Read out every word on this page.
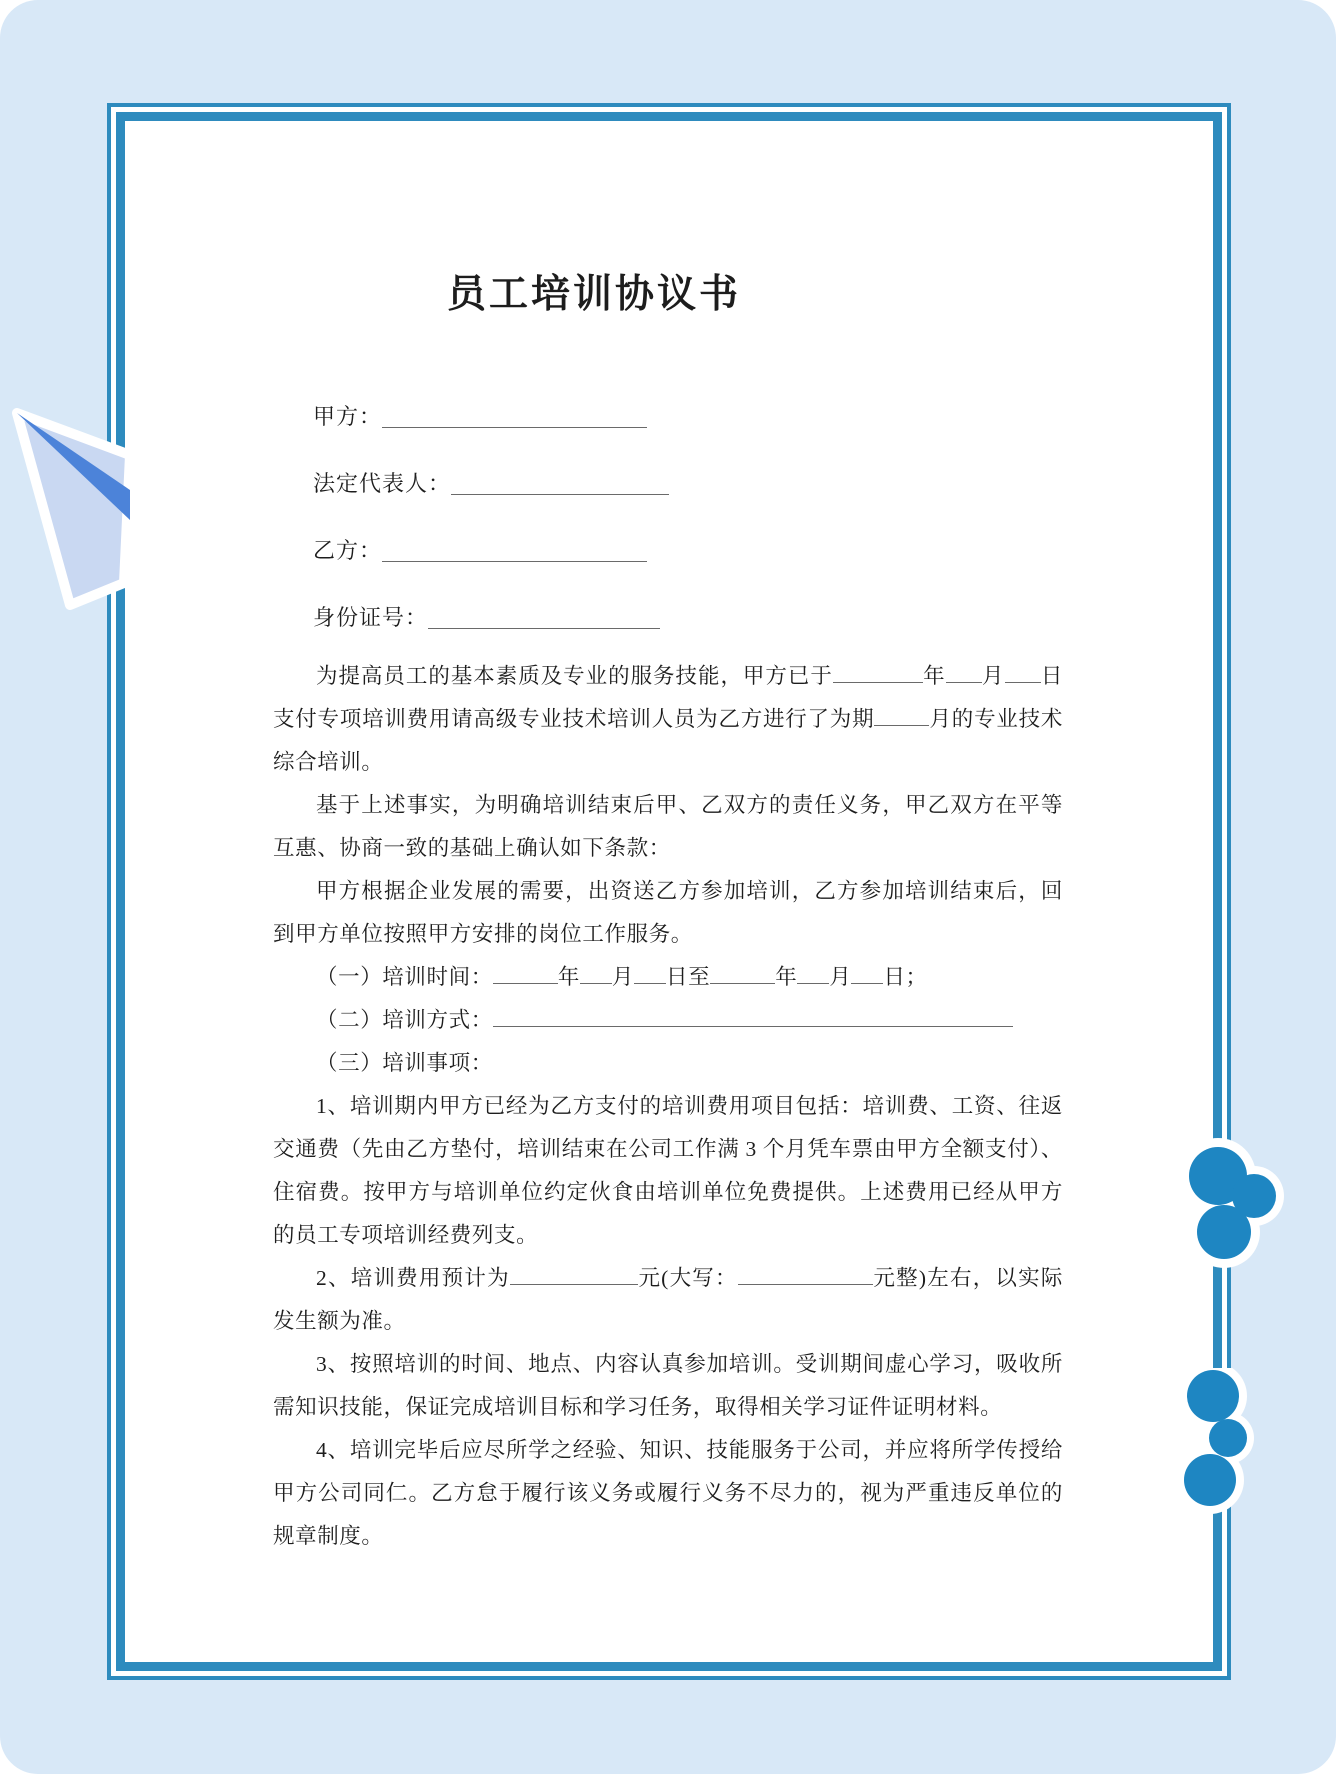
员工培训协议书
甲方：
法定代表人：
乙方：
身份证号：

为提高员工的基本素质及专业的服务技能，甲方已于	年 月 日支付专项培训费用请高级专业技术培训人员为乙方进行了为期	月的专业技术综合培训。

基于上述事实，为明确培训结束后甲、乙双方的责任义务，甲乙双方在平等互惠、协商一致的基础上确认如下条款：

甲方根据企业发展的需要，出资送乙方参加培训，乙方参加培训结束后，回到甲方单位按照甲方安排的岗位工作服务。

（一）培训时间：	年 月 日至	年 月 日；

（二）培训方式：

（三）培训事项：

1、培训期内甲方已经为乙方支付的培训费用项目包括：培训费、工资、往返交通费（先由乙方垫付，培训结束在公司工作满 3 个月凭车票由甲方全额支付）、住宿费。按甲方与培训单位约定伙食由培训单位免费提供。上述费用已经从甲方的员工专项培训经费列支。

2、培训费用预计为	元(大写：	元整)左右，以实际发生额为准。

3、按照培训的时间、地点、内容认真参加培训。受训期间虚心学习，吸收所需知识技能，保证完成培训目标和学习任务，取得相关学习证件证明材料。

4、培训完毕后应尽所学之经验、知识、技能服务于公司，并应将所学传授给甲方公司同仁。乙方怠于履行该义务或履行义务不尽力的，视为严重违反单位的规章制度。
